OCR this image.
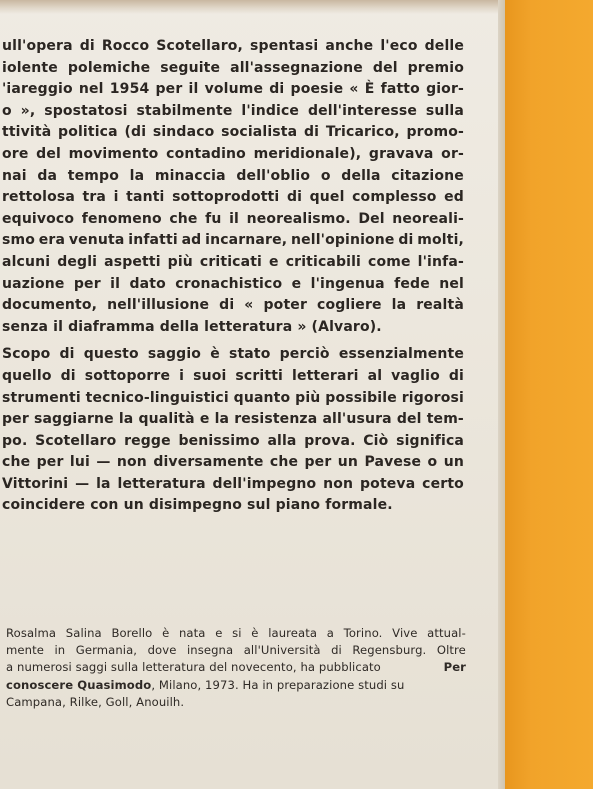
ull'opera di Rocco Scotellaro, spentasi anche l'eco delle
iolente polemiche seguite all'assegnazione del premio
'iareggio nel 1954 per il volume di poesie « È fatto gior-
o », spostatosi stabilmente l'indice dell'interesse sulla
ttività politica (di sindaco socialista di Tricarico, promo-
ore del movimento contadino meridionale), gravava or-
nai da tempo la minaccia dell'oblio o della citazione
rettolosa tra i tanti sottoprodotti di quel complesso ed
equivoco fenomeno che fu il neorealismo. Del neoreali-
smo era venuta infatti ad incarnare, nell'opinione di molti,
alcuni degli aspetti più criticati e criticabili come l'infa-
uazione per il dato cronachistico e l'ingenua fede nel
documento, nell'illusione di « poter cogliere la realtà
senza il diaframma della letteratura » (Alvaro).
Scopo di questo saggio è stato perciò essenzialmente
quello di sottoporre i suoi scritti letterari al vaglio di
strumenti tecnico-linguistici quanto più possibile rigorosi
per saggiarne la qualità e la resistenza all'usura del tem-
po. Scotellaro regge benissimo alla prova. Ciò significa
che per lui — non diversamente che per un Pavese o un
Vittorini — la letteratura dell'impegno non poteva certo
coincidere con un disimpegno sul piano formale.
Rosalma Salina Borello è nata e si è laureata a Torino. Vive attual-
mente in Germania, dove insegna all'Università di Regensburg. Oltre
a numerosi saggi sulla letteratura del novecento, ha pubblicato	Per
conoscere Quasimodo, Milano, 1973. Ha in preparazione studi su
Campana, Rilke, Goll, Anouilh.
